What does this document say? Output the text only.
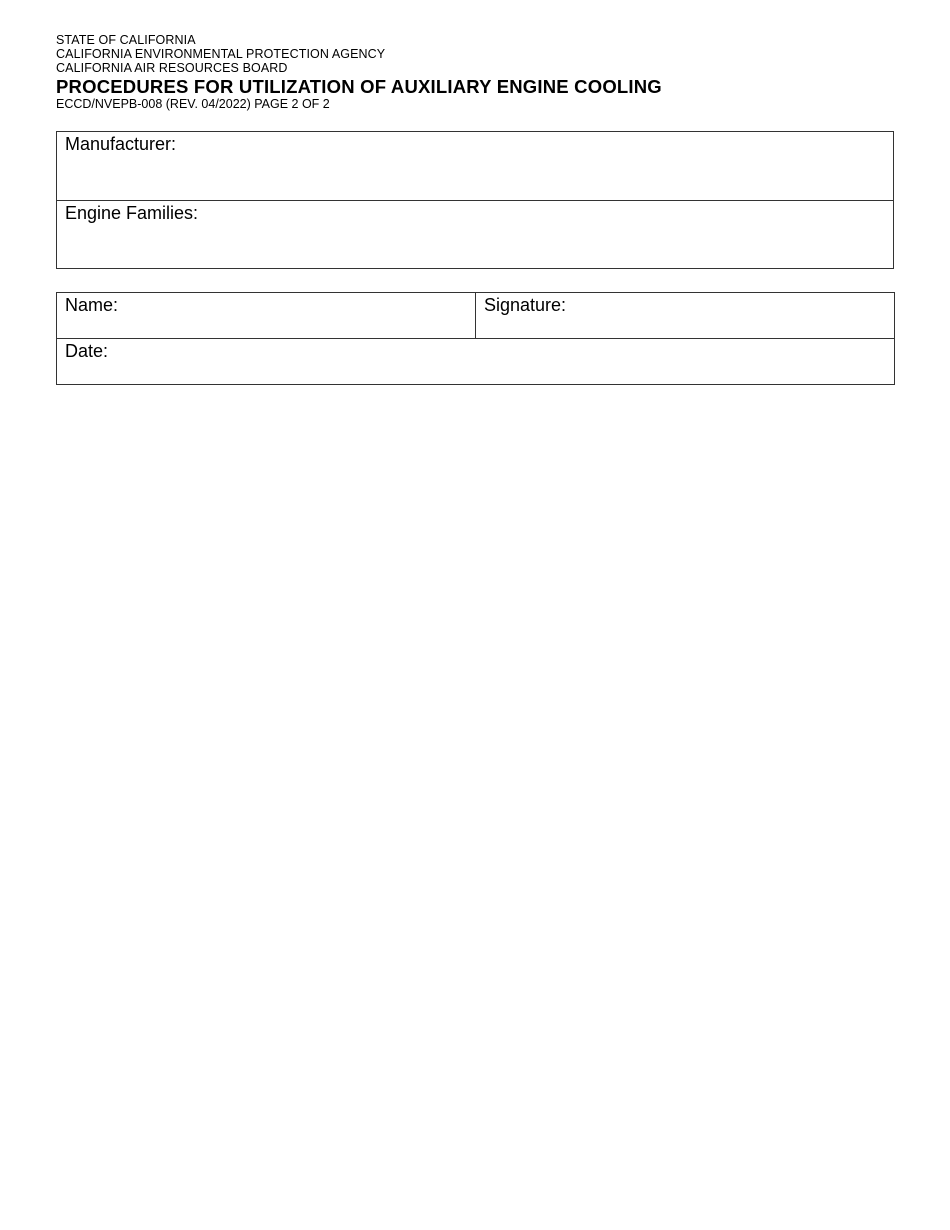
STATE OF CALIFORNIA
CALIFORNIA ENVIRONMENTAL PROTECTION AGENCY
CALIFORNIA AIR RESOURCES BOARD
PROCEDURES FOR UTILIZATION OF AUXILIARY ENGINE COOLING
ECCD/NVEPB-008 (REV. 04/2022) PAGE 2 OF 2
Manufacturer:
Engine Families:
Name:	Signature:
Date:
